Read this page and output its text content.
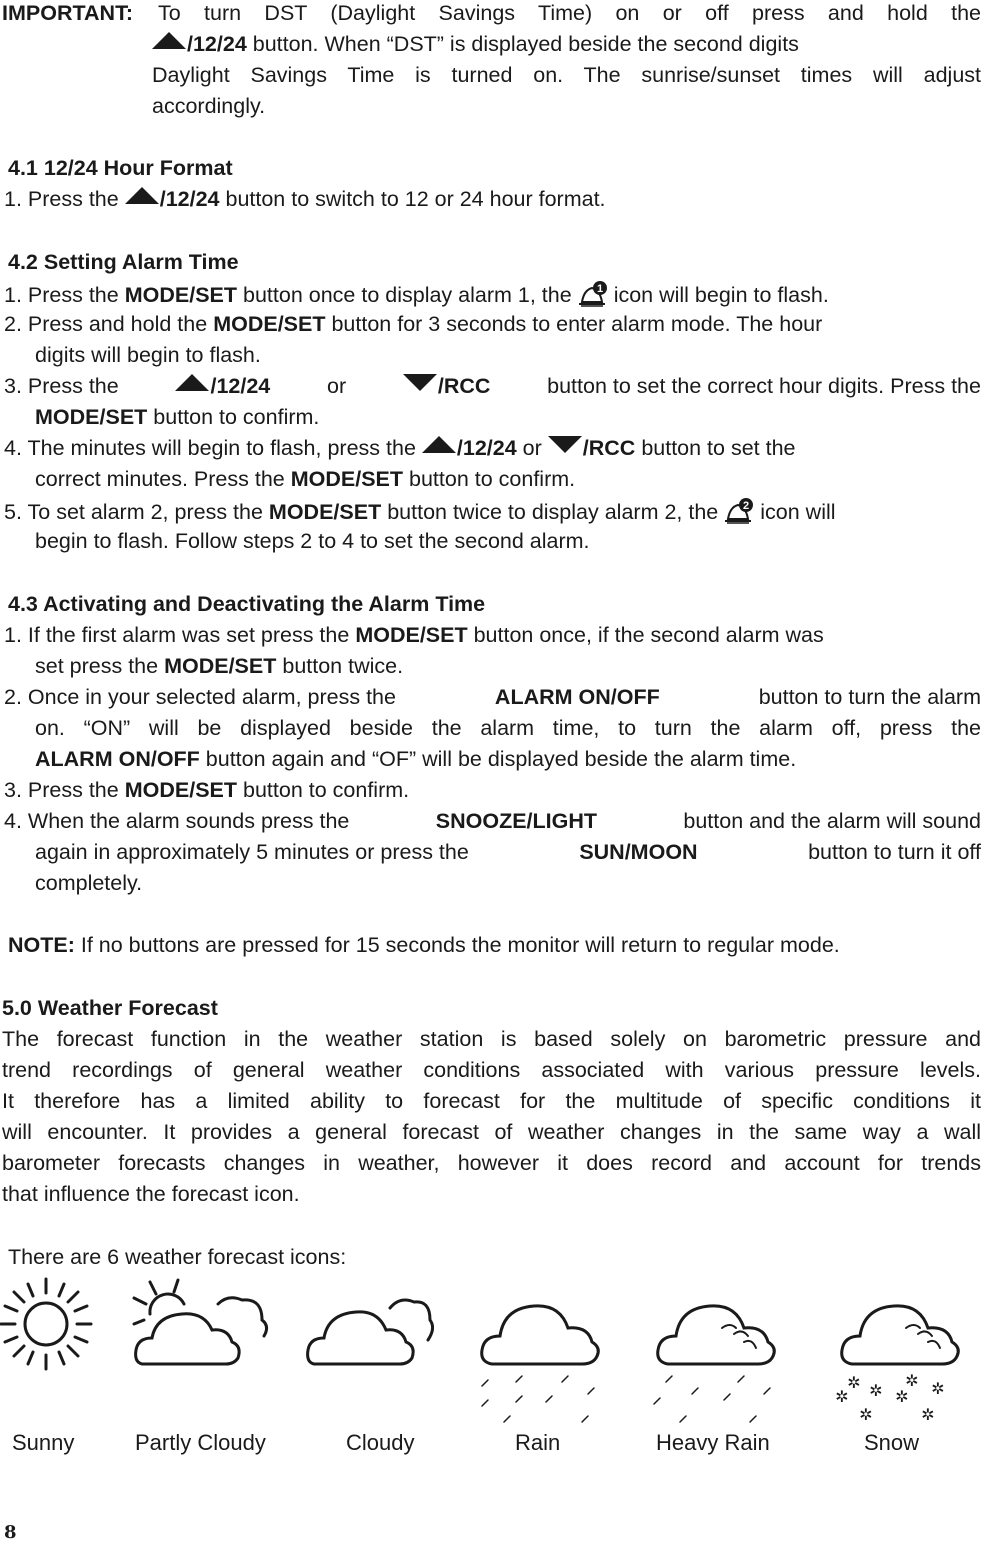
IMPORTANT: To turn DST (Daylight Savings Time) on or off press and hold the
/12/24 button. When “DST” is displayed beside the second digits
Daylight Savings Time is turned on. The sunrise/sunset times will adjust
accordingly.
4.1 12/24 Hour Format
1. Press the /12/24 button to switch to 12 or 24 hour format.
4.2 Setting Alarm Time
1. Press the MODE/SET button once to display alarm 1, the 1 icon will begin to flash.
2. Press and hold the MODE/SET button for 3 seconds to enter alarm mode. The hour
digits will begin to flash.
3. Press the	/12/24	or	/RCC	button to set the correct hour digits. Press the
MODE/SET button to confirm.
4. The minutes will begin to flash, press the /12/24 or /RCC button to set the
correct minutes. Press the MODE/SET button to confirm.
5. To set alarm 2, press the MODE/SET button twice to display alarm 2, the 2 icon will
begin to flash. Follow steps 2 to 4 to set the second alarm.
4.3 Activating and Deactivating the Alarm Time
1. If the first alarm was set press the MODE/SET button once, if the second alarm was
set press the MODE/SET button twice.
2. Once in your selected alarm, press the	ALARM ON/OFF	button to turn the alarm
on. “ON” will be displayed beside the alarm time, to turn the alarm off, press the
ALARM ON/OFF button again and “OF” will be displayed beside the alarm time.
3. Press the MODE/SET button to confirm.
4. When the alarm sounds press the	SNOOZE/LIGHT	button and the alarm will sound
again in approximately 5 minutes or press the	SUN/MOON	button to turn it off
completely.
NOTE: If no buttons are pressed for 15 seconds the monitor will return to regular mode.
5.0 Weather Forecast
The forecast function in the weather station is based solely on barometric pressure and
trend recordings of general weather conditions associated with various pressure levels.
It therefore has a limited ability to forecast for the multitude of specific conditions it
will encounter. It provides a general forecast of weather changes in the same way a wall
barometer forecasts changes in weather, however it does record and account for trends
that influence the forecast icon.
There are 6 weather forecast icons:
✲	✲
✲ ✲ ✲ ✲
✲	✲
Sunny	Partly Cloudy	Cloudy	Rain	Heavy Rain	Snow
8
